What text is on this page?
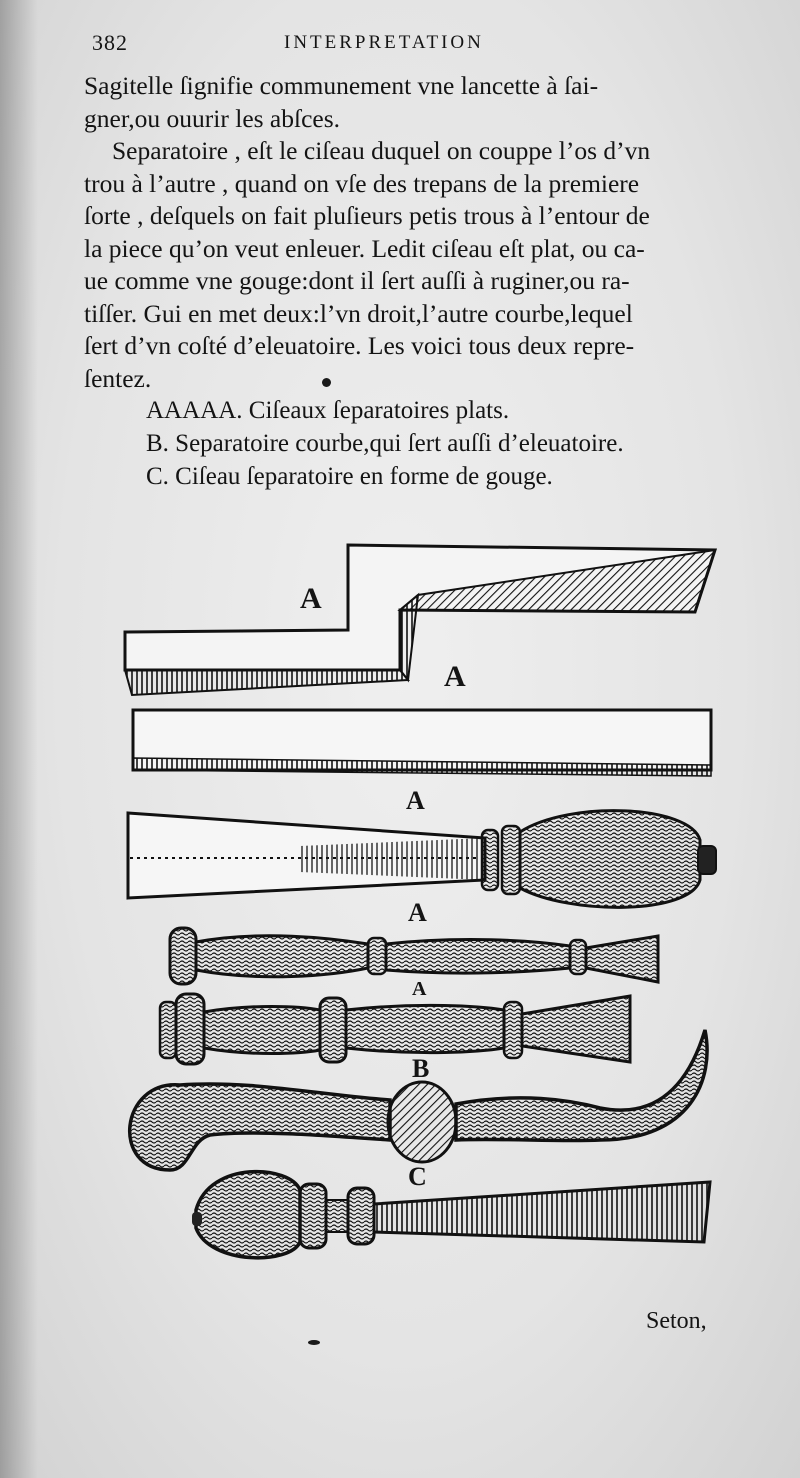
382	INTERPRETATION
Sagitelle ſignifie communement vne lancette à ſai-
gner,ou ouurir les abſces.
Separatoire , eſt le ciſeau duquel on couppe l’os d’vn
trou à l’autre , quand on vſe des trepans de la premiere
ſorte , deſquels on fait pluſieurs petis trous à l’entour de
la piece qu’on veut enleuer. Ledit ciſeau eſt plat, ou ca-
ue comme vne gouge:dont il ſert auſſi à ruginer,ou ra-
tiſſer. Gui en met deux:l’vn droit,l’autre courbe,lequel
ſert d’vn coſté d’eleuatoire. Les voici tous deux repre-
ſentez.
AAAAA. Ciſeaux ſeparatoires plats.
B. Separatoire courbe,qui ſert auſſi d’eleuatoire.
C. Ciſeau ſeparatoire en forme de gouge.
A
A
A
A
A
B
C
Seton,
